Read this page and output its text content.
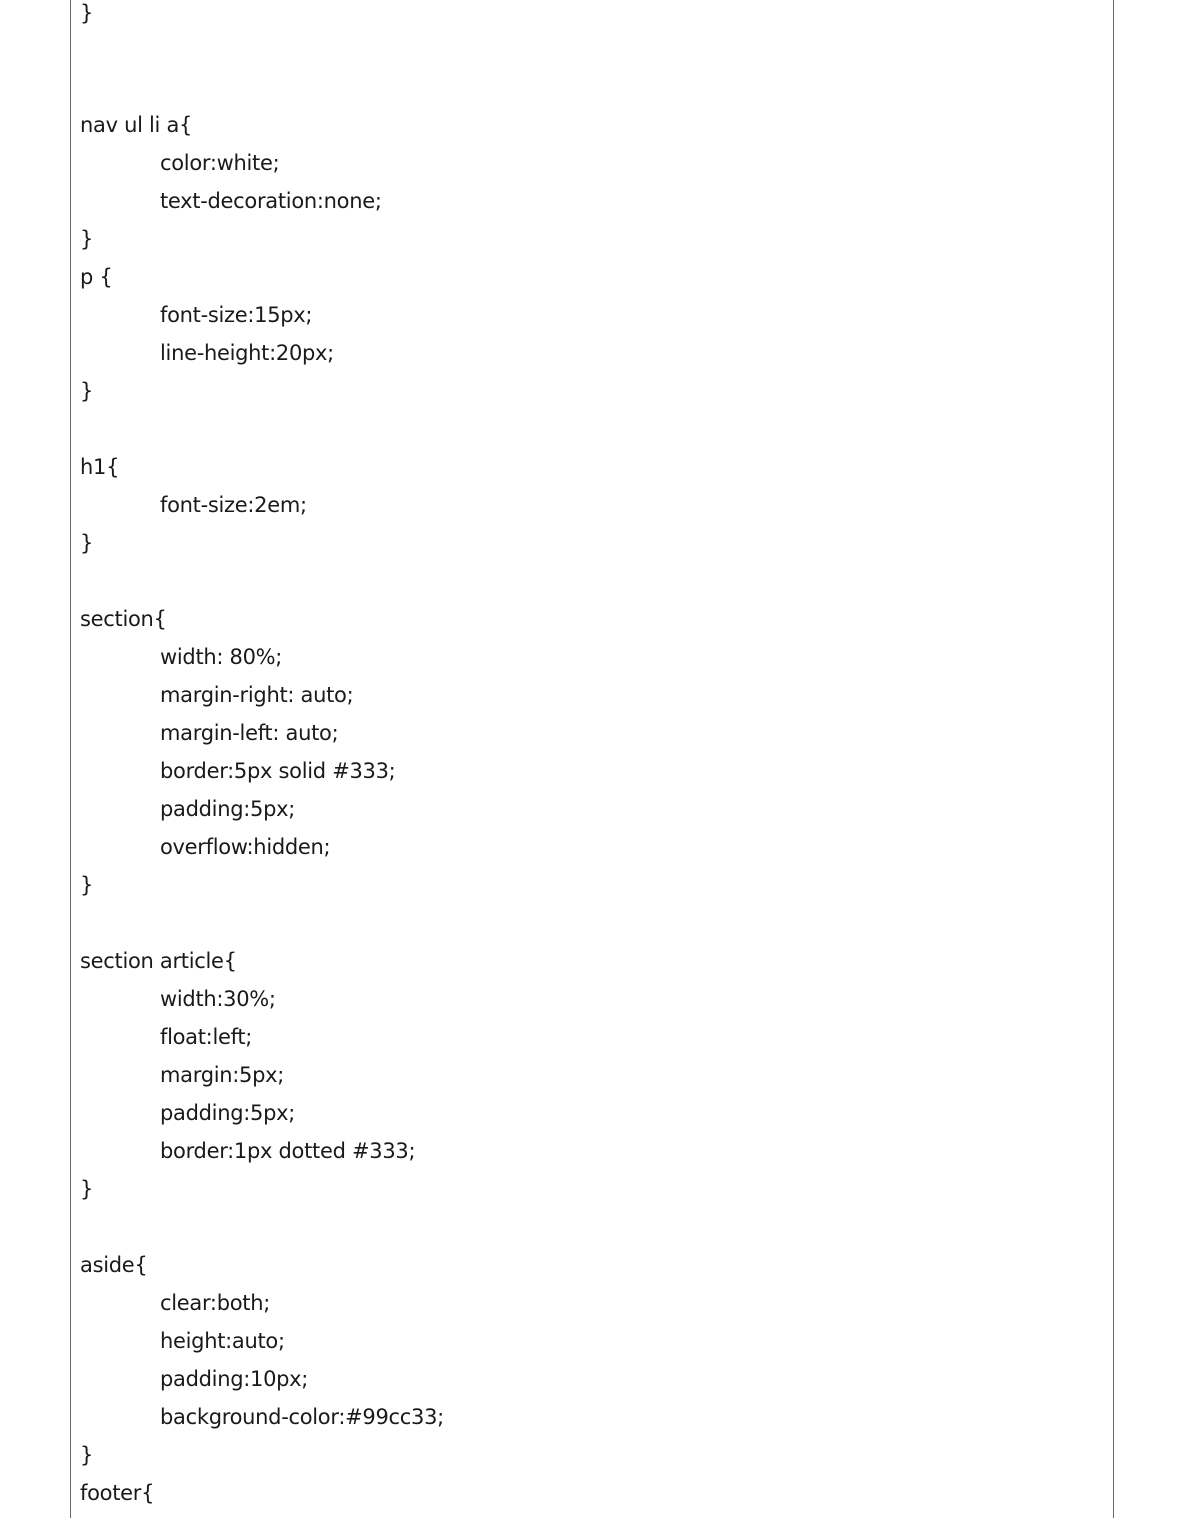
}
nav ul li a{
color:white;
text-decoration:none;
}
p {
font-size:15px;
line-height:20px;
}
h1{
font-size:2em;
}
section{
width: 80%;
margin-right: auto;
margin-left: auto;
border:5px solid #333;
padding:5px;
overflow:hidden;
}
section article{
width:30%;
float:left;
margin:5px;
padding:5px;
border:1px dotted #333;
}
aside{
clear:both;
height:auto;
padding:10px;
background-color:#99cc33;
}
footer{
